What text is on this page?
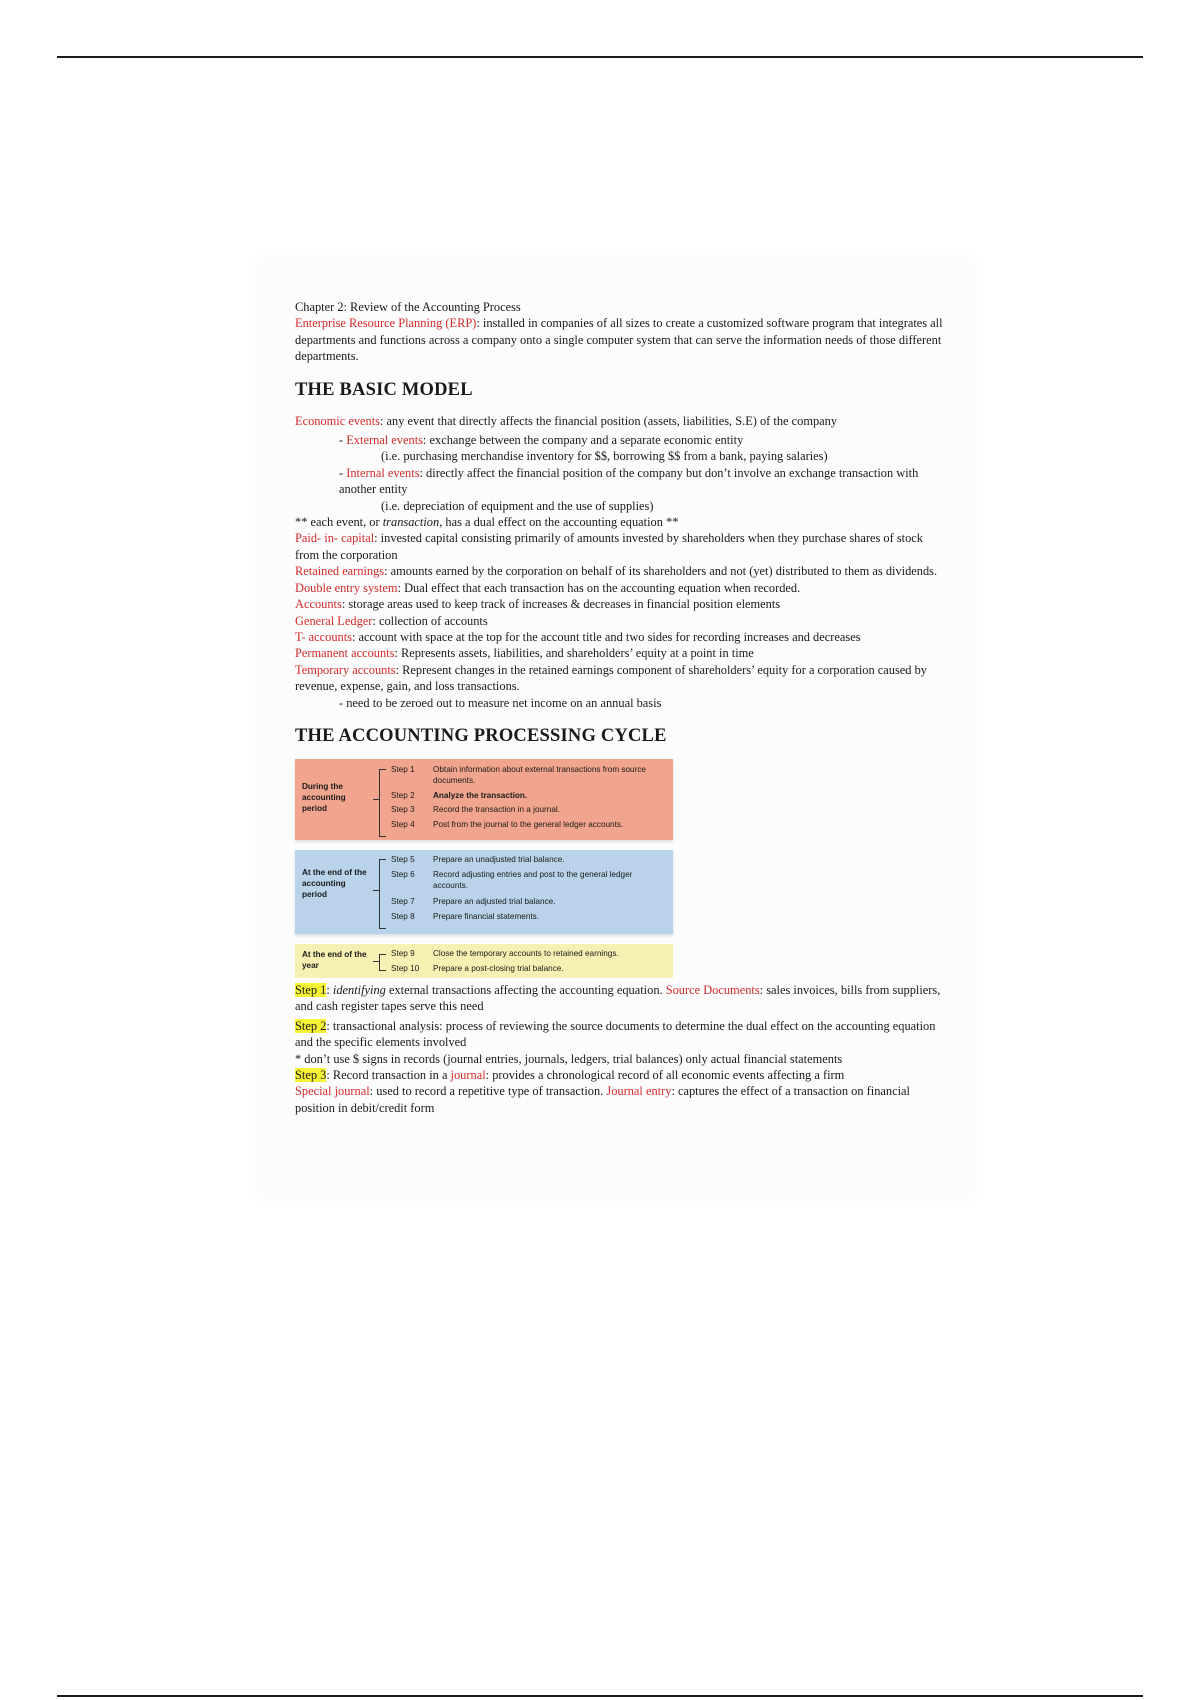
Chapter 2: Review of the Accounting Process

Enterprise Resource Planning (ERP): installed in companies of all sizes to create a customized software program that integrates all departments and functions across a company onto a single computer system that can serve the information needs of those different departments.

THE BASIC MODEL

Economic events: any event that directly affects the financial position (assets, liabilities, S.E) of the company

- External events: exchange between the company and a separate economic entity

(i.e. purchasing merchandise inventory for $$, borrowing $$ from a bank, paying salaries)

- Internal events: directly affect the financial position of the company but don’t involve an exchange transaction with another entity

(i.e. depreciation of equipment and the use of supplies)

** each event, or transaction, has a dual effect on the accounting equation **

Paid- in- capital: invested capital consisting primarily of amounts invested by shareholders when they purchase shares of stock from the corporation

Retained earnings: amounts earned by the corporation on behalf of its shareholders and not (yet) distributed to them as dividends.

Double entry system: Dual effect that each transaction has on the accounting equation when recorded.

Accounts: storage areas used to keep track of increases & decreases in financial position elements

General Ledger: collection of accounts

T- accounts: account with space at the top for the account title and two sides for recording increases and decreases

Permanent accounts: Represents assets, liabilities, and shareholders’ equity at a point in time

Temporary accounts: Represent changes in the retained earnings component of shareholders’ equity for a corporation caused by revenue, expense, gain, and loss transactions.

- need to be zeroed out to measure net income on an annual basis

THE ACCOUNTING PROCESSING CYCLE
During the accounting period
Step 1 Obtain information about external transactions from source documents.
Step 2 Analyze the transaction.
Step 3 Record the transaction in a journal.
Step 4 Post from the journal to the general ledger accounts.
At the end of the accounting period
Step 5 Prepare an unadjusted trial balance.
Step 6 Record adjusting entries and post to the general ledger accounts.
Step 7 Prepare an adjusted trial balance.
Step 8 Prepare financial statements.
At the end of the year
Step 9 Close the temporary accounts to retained earnings.
Step 10 Prepare a post-closing trial balance.

Step 1: identifying external transactions affecting the accounting equation. Source Documents: sales invoices, bills from suppliers, and cash register tapes serve this need

Step 2: transactional analysis: process of reviewing the source documents to determine the dual effect on the accounting equation and the specific elements involved

* don’t use $ signs in records (journal entries, journals, ledgers, trial balances) only actual financial statements

Step 3: Record transaction in a journal: provides a chronological record of all economic events affecting a firm

Special journal: used to record a repetitive type of transaction. Journal entry: captures the effect of a transaction on financial position in debit/credit form
